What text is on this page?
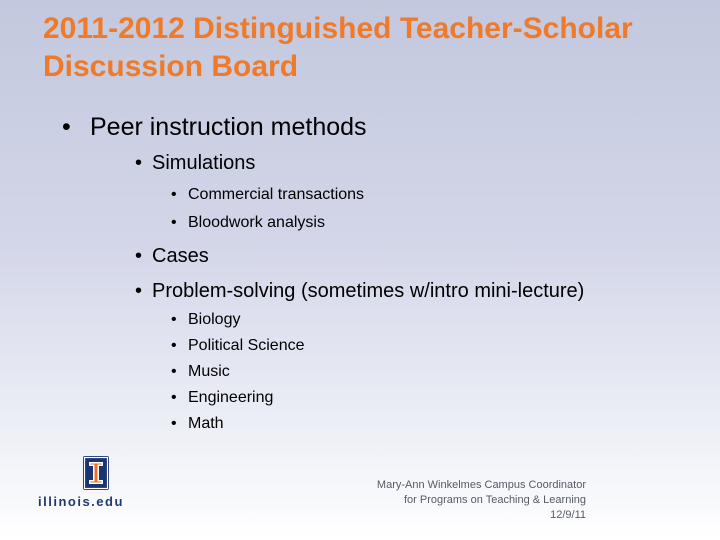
2011-2012 Distinguished Teacher-Scholar
Discussion Board
• Peer instruction methods
• Simulations
• Commercial transactions
• Bloodwork analysis
• Cases
• Problem-solving (sometimes w/intro mini-lecture)
• Biology
• Political Science
• Music
• Engineering
• Math
illinois.edu
Mary-Ann Winkelmes Campus Coordinator
for Programs on Teaching & Learning
12/9/11
